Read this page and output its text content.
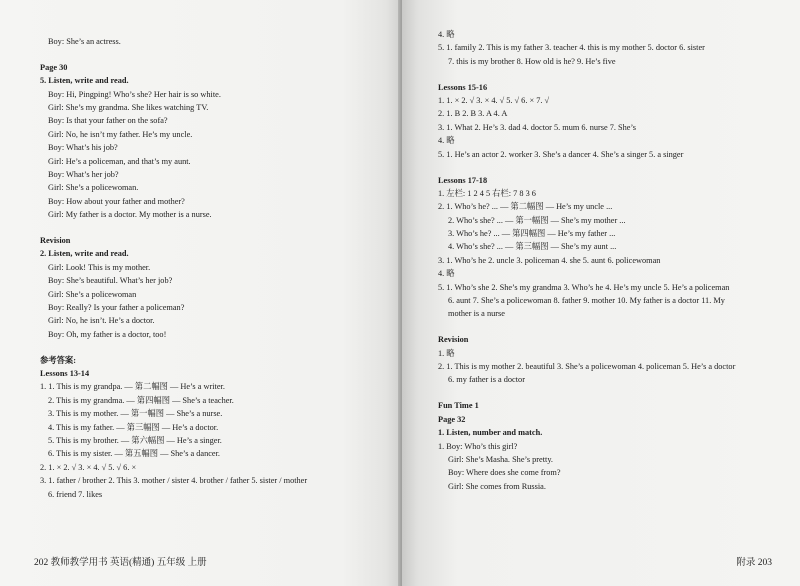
Boy: She’s an actress.
Page 30
5. Listen, write and read.
Boy: Hi, Pingping! Who’s she? Her hair is so white.
Girl: She’s my grandma. She likes watching TV.
Boy: Is that your father on the sofa?
Girl: No, he isn’t my father. He’s my uncle.
Boy: What’s his job?
Girl: He’s a policeman, and that’s my aunt.
Boy: What’s her job?
Girl: She’s a policewoman.
Boy: How about your father and mother?
Girl: My father is a doctor. My mother is a nurse.
Revision
2. Listen, write and read.
Girl: Look! This is my mother.
Boy: She’s beautiful. What’s her job?
Girl: She’s a policewoman
Boy: Really? Is your father a policeman?
Girl: No, he isn’t. He’s a doctor.
Boy: Oh, my father is a doctor, too!
参考答案:
Lessons 13-14
1. 1. This is my grandpa. — 第二幅图 — He’s a writer.
2. This is my grandma. — 第四幅图 — She’s a teacher.
3. This is my mother. — 第一幅图 — She’s a nurse.
4. This is my father. — 第三幅图 — He’s a doctor.
5. This is my brother. — 第六幅图 — He’s a singer.
6. This is my sister. — 第五幅图 — She’s a dancer.
2. 1. × 2. √ 3. × 4. √ 5. √ 6. ×
3. 1. father / brother 2. This 3. mother / sister 4. brother / father 5. sister / mother
6. friend 7. likes
202 教师教学用书 英语(精通) 五年级 上册
4. 略
5. 1. family 2. This is my father 3. teacher 4. this is my mother 5. doctor 6. sister
7. this is my brother 8. How old is he? 9. He’s five
Lessons 15-16
1. 1. × 2. √ 3. × 4. √ 5. √ 6. × 7. √
2. 1. B 2. B 3. A 4. A
3. 1. What 2. He’s 3. dad 4. doctor 5. mum 6. nurse 7. She’s
4. 略
5. 1. He’s an actor 2. worker 3. She’s a dancer 4. She’s a singer 5. a singer
Lessons 17-18
1. 左栏: 1 2 4 5 右栏: 7 8 3 6
2. 1. Who’s he? ... — 第二幅图 — He’s my uncle ...
2. Who’s she? ... — 第一幅图 — She’s my mother ...
3. Who’s he? ... — 第四幅图 — He’s my father ...
4. Who’s she? ... — 第三幅图 — She’s my aunt ...
3. 1. Who’s he 2. uncle 3. policeman 4. she 5. aunt 6. policewoman
4. 略
5. 1. Who’s she 2. She’s my grandma 3. Who’s he 4. He’s my uncle 5. He’s a policeman
6. aunt 7. She’s a policewoman 8. father 9. mother 10. My father is a doctor 11. My
mother is a nurse
Revision
1. 略
2. 1. This is my mother 2. beautiful 3. She’s a policewoman 4. policeman 5. He’s a doctor
6. my father is a doctor
Fun Time 1
Page 32
1. Listen, number and match.
1. Boy: Who’s this girl?
Girl: She’s Masha. She’s pretty.
Boy: Where does she come from?
Girl: She comes from Russia.
附录 203
